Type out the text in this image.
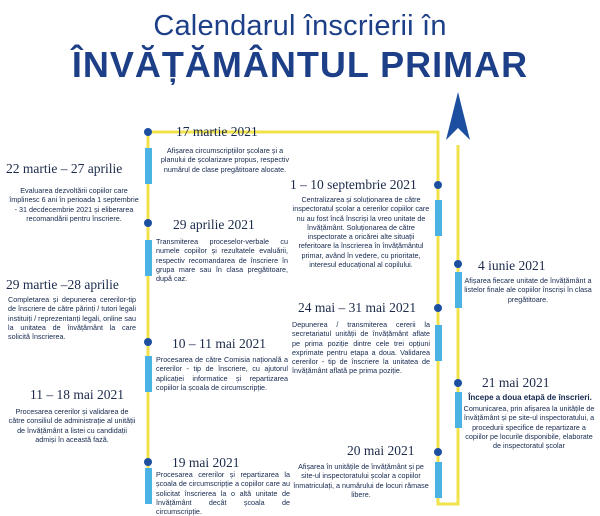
Calendarul înscrierii în
ÎNVĂȚĂMÂNTUL PRIMAR
17 martie 2021
Afișarea circumscripțiilor școlare și a planului de școlarizare propus, respectiv numărul de clase pregătitoare alocate.
22 martie – 27 aprilie
Evaluarea dezvoltării copiilor care împlinesc 6 ani în perioada 1 septembrie - 31 decdecembrie 2021 și eliberarea recomandării pentru înscriere.
1 – 10 septembrie 2021
Centralizarea și soluționarea de către inspectoratul școlar a cererilor copiilor care nu au fost încă înscriși la vreo unitate de învățământ. Soluționarea de către inspectorate a oricărei alte situații referitoare la înscrierea în învățământul primar, având în vedere, cu prioritate, interesul educațional al copilului.
29 aprilie 2021
Transmiterea proceselor-verbale cu numele copiilor și rezultatele evaluării, respectiv recomandarea de înscriere în grupa mare sau în clasa pregătitoare, după caz.
29 martie –28 aprilie
Completarea și depunerea cererilor-tip de înscriere de către părinți / tutori legali instituiți / reprezentanți legali, online sau la unitatea de învățământ la care solicită înscrierea.
4 iunie 2021
Afișarea fiecare unitate de învățământ a listelor finale ale copiilor înscriși în clasa pregătitoare.
24 mai – 31 mai 2021
Depunerea / transmiterea cererii la secretariatul unității de învățământ aflate pe prima poziție dintre cele trei opțiuni exprimate pentru etapa a doua. Validarea cererilor - tip de înscriere la unitatea de învățământ aflată pe prima poziție.
10 – 11 mai 2021
Procesarea de către Comisia națională a cererilor - tip de înscriere, cu ajutorul aplicației informatice și repartizarea copiilor la școala de circumscripție.
11 – 18 mai 2021
Procesarea cererilor și validarea de către consiliul de administrație al unității de învățământ a listei cu candidații admiși în această fază.
21 mai 2021
Începe a doua etapă de înscrieri.
Comunicarea, prin afișarea la unitățile de învățământ și pe site-ul inspectoratului, a procedurii specifice de repartizare a copiilor pe locurile disponibile, elaborate de inspectoratul școlar
19 mai 2021
Procesarea cererilor și repartizarea la școala de circumscripție a copiilor care au solicitat înscrierea la o altă unitate de învățământ decât școala de circumscripție.
20 mai 2021
Afișarea în unitățile de învățământ și pe site-ul inspectoratului școlar a copiilor înmatriculați, a numărului de locuri rămase libere.
